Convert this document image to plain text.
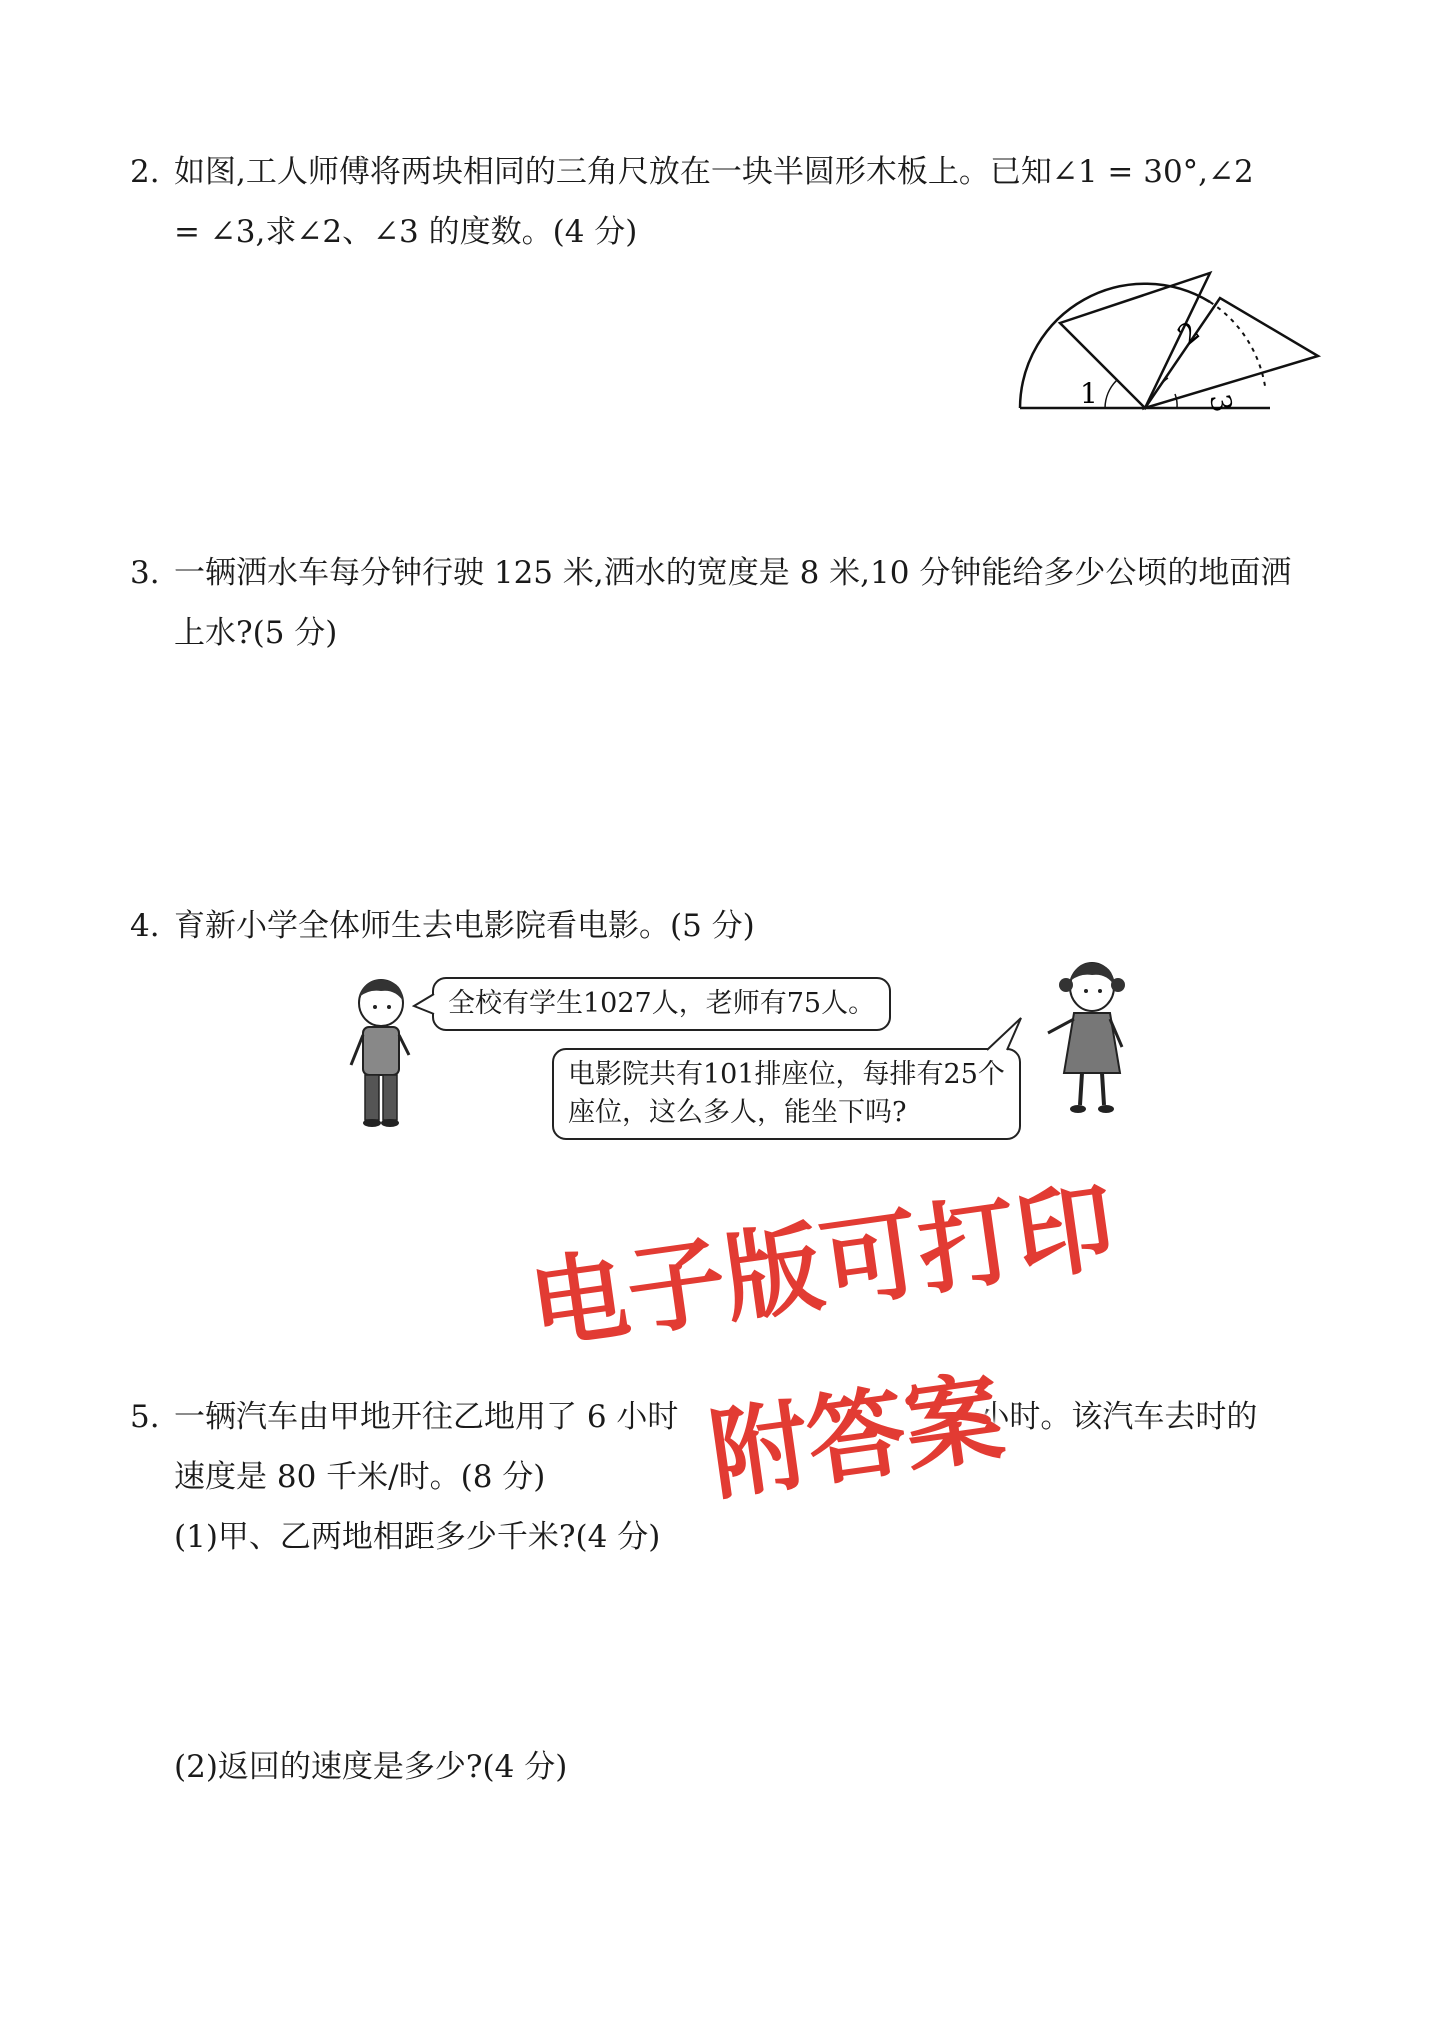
2. 如图,工人师傅将两块相同的三角尺放在一块半圆形木板上。已知∠1 = 30°,∠2
= ∠3,求∠2、∠3 的度数。(4 分)
1
2
3
3. 一辆洒水车每分钟行驶 125 米,洒水的宽度是 8 米,10 分钟能给多少公顷的地面洒
上水?(5 分)
4. 育新小学全体师生去电影院看电影。(5 分)
全校有学生1027人，老师有75人。
电影院共有101排座位，每排有25个
座位，这么多人，能坐下吗?
5. 一辆汽车由甲地开往乙地用了 6 小时	小时。该汽车去时的
速度是 80 千米/时。(8 分)
(1)甲、乙两地相距多少千米?(4 分)
(2)返回的速度是多少?(4 分)
电子版可打印
附答案
